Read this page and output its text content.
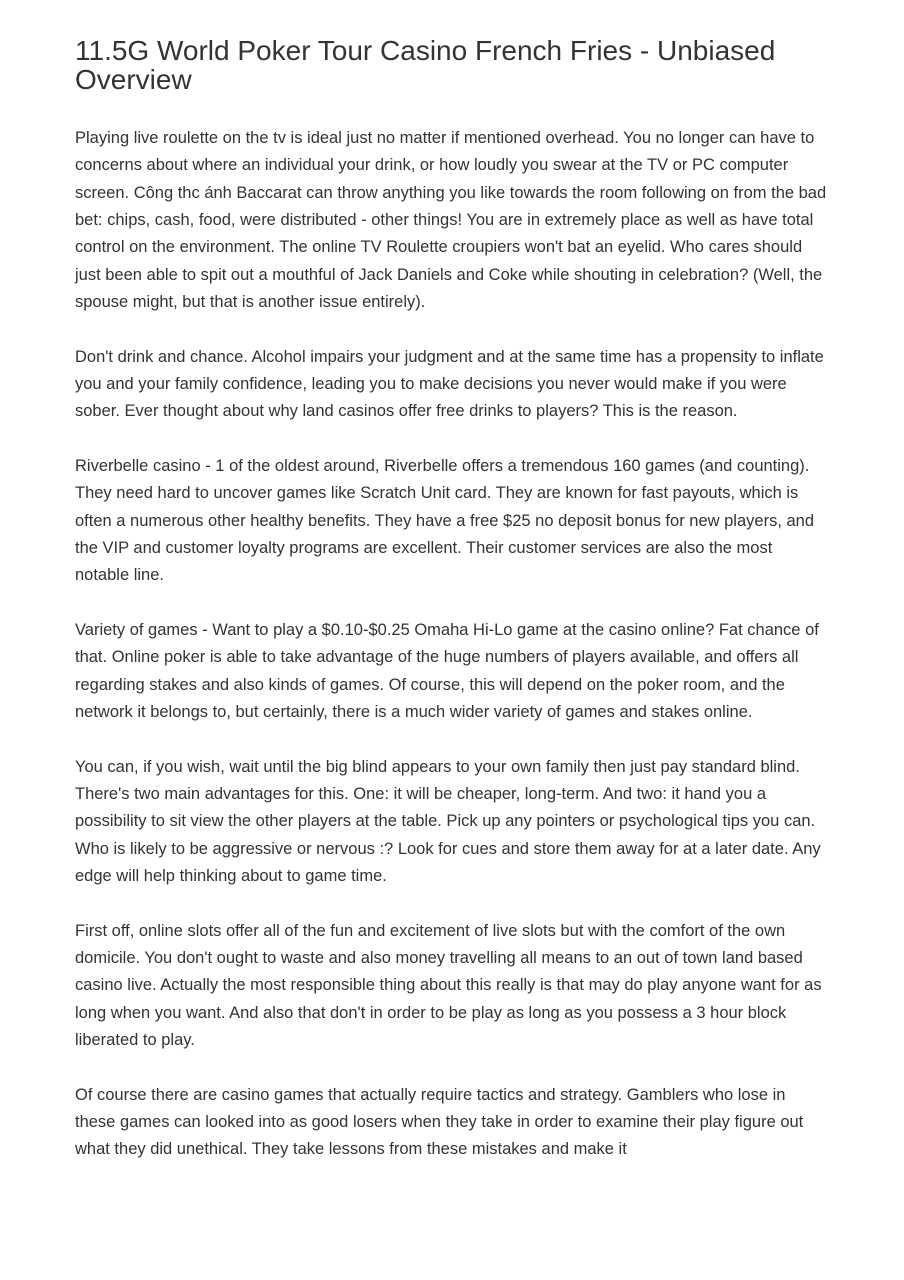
11.5G World Poker Tour Casino French Fries - Unbiased Overview

Playing live roulette on the tv is ideal just no matter if mentioned overhead. You no longer can have to concerns about where an individual your drink, or how loudly you swear at the TV or PC computer screen. Công thc ánh Baccarat can throw anything you like towards the room following on from the bad bet: chips, cash, food, were distributed - other things! You are in extremely place as well as have total control on the environment. The online TV Roulette croupiers won't bat an eyelid. Who cares should just been able to spit out a mouthful of Jack Daniels and Coke while shouting in celebration? (Well, the spouse might, but that is another issue entirely).

Don't drink and chance. Alcohol impairs your judgment and at the same time has a propensity to inflate you and your family confidence, leading you to make decisions you never would make if you were sober. Ever thought about why land casinos offer free drinks to players? This is the reason.

Riverbelle casino - 1 of the oldest around, Riverbelle offers a tremendous 160 games (and counting). They need hard to uncover games like Scratch Unit card. They are known for fast payouts, which is often a numerous other healthy benefits. They have a free $25 no deposit bonus for new players, and the VIP and customer loyalty programs are excellent. Their customer services are also the most notable line.

Variety of games - Want to play a $0.10-$0.25 Omaha Hi-Lo game at the casino online? Fat chance of that. Online poker is able to take advantage of the huge numbers of players available, and offers all regarding stakes and also kinds of games. Of course, this will depend on the poker room, and the network it belongs to, but certainly, there is a much wider variety of games and stakes online.

You can, if you wish, wait until the big blind appears to your own family then just pay standard blind. There's two main advantages for this. One: it will be cheaper, long-term. And two: it hand you a possibility to sit view the other players at the table. Pick up any pointers or psychological tips you can. Who is likely to be aggressive or nervous :? Look for cues and store them away for at a later date. Any edge will help thinking about to game time.

First off, online slots offer all of the fun and excitement of live slots but with the comfort of the own domicile. You don't ought to waste and also money travelling all means to an out of town land based casino live. Actually the most responsible thing about this really is that may do play anyone want for as long when you want. And also that don't in order to be play as long as you possess a 3 hour block liberated to play.

Of course there are casino games that actually require tactics and strategy. Gamblers who lose in these games can looked into as good losers when they take in order to examine their play figure out what they did unethical. They take lessons from these mistakes and make it
